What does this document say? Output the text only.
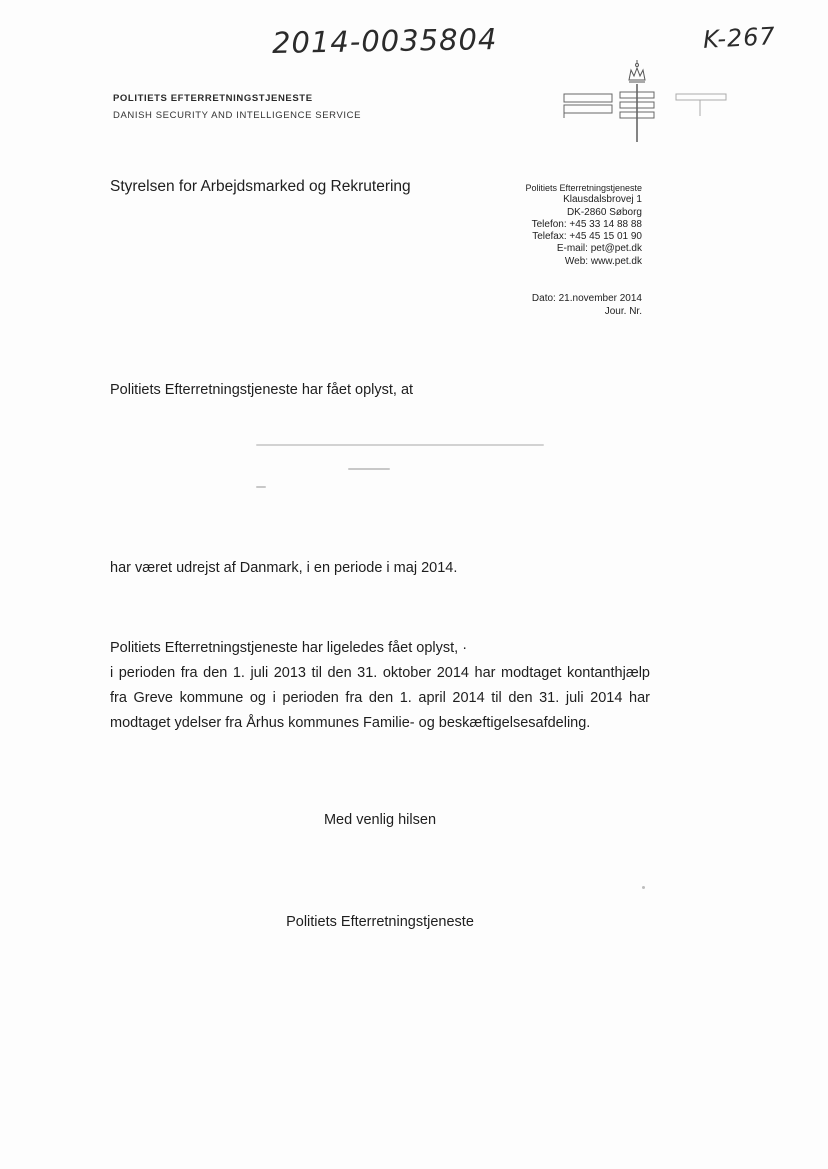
2014-0035804	K-267
POLITIETS EFTERRETNINGSTJENESTE
DANISH SECURITY AND INTELLIGENCE SERVICE
Styrelsen for Arbejdsmarked og Rekrutering	Politiets Efterretningstjeneste
Klausdalsbrovej 1
DK-2860 Søborg
Telefon: +45 33 14 88 88
Telefax: +45 45 15 01 90
E-mail: pet@pet.dk
Web: www.pet.dk
Dato: 21.november 2014
Jour. Nr.
Politiets Efterretningstjeneste har fået oplyst, at
har været udrejst af Danmark, i en periode i maj 2014.

Politiets Efterretningstjeneste har ligeledes fået oplyst, ·

i perioden fra den 1. juli 2013 til den 31. oktober 2014 har modtaget kontanthjælp

fra Greve kommune og i perioden fra den 1. april 2014 til den 31. juli 2014 har

modtaget ydelser fra Århus kommunes Familie- og beskæftigelsesafdeling.

Med venlig hilsen
Politiets Efterretningstjeneste
